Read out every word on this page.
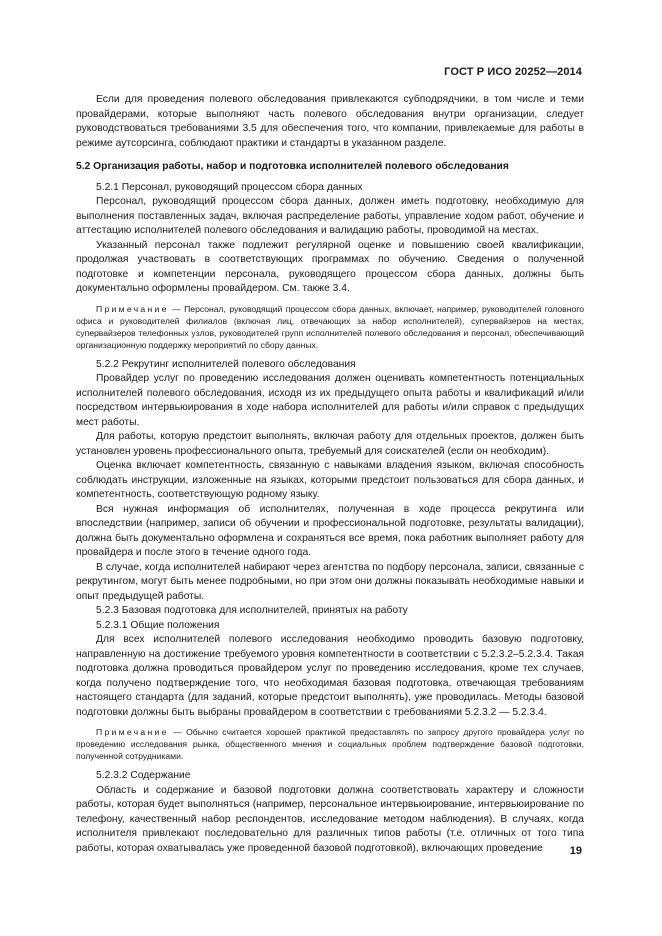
ГОСТ Р ИСО 20252—2014

Если для проведения полевого обследования привлекаются субподрядчики, в том числе и теми провайдерами, которые выполняют часть полевого обследования внутри организации, следует руководствоваться требованиями 3.5 для обеспечения того, что компании, привлекаемые для работы в режиме аутсорсинга, соблюдают практики и стандарты в указанном разделе.

5.2 Организация работы, набор и подготовка исполнителей полевого обследования

5.2.1 Персонал, руководящий процессом сбора данных

Персонал, руководящий процессом сбора данных, должен иметь подготовку, необходимую для выполнения поставленных задач, включая распределение работы, управление ходом работ, обучение и аттестацию исполнителей полевого обследования и валидацию работы, проводимой на местах.

Указанный персонал также подлежит регулярной оценке и повышению своей квалификации, продолжая участвовать в соответствующих программах по обучению. Сведения о полученной подготовке и компетенции персонала, руководящего процессом сбора данных, должны быть документально оформлены провайдером. См. также 3.4.

Примечание — Персонал, руководящий процессом сбора данных, включает, например, руководителей головного офиса и руководителей филиалов (включая лиц, отвечающих за набор исполнителей), супервайзеров на местах, супервайзеров телефонных узлов, руководителей групп исполнителей полевого обследования и персонал, обеспечивающий организационную поддержку мероприятий по сбору данных.

5.2.2 Рекрутинг исполнителей полевого обследования

Провайдер услуг по проведению исследования должен оценивать компетентность потенциальных исполнителей полевого обследования, исходя из их предыдущего опыта работы и квалификаций и/или посредством интервьюирования в ходе набора исполнителей для работы и/или справок с предыдущих мест работы.

Для работы, которую предстоит выполнять, включая работу для отдельных проектов, должен быть установлен уровень профессионального опыта, требуемый для соискателей (если он необходим).

Оценка включает компетентность, связанную с навыками владения языком, включая способность соблюдать инструкции, изложенные на языках, которыми предстоит пользоваться для сбора данных, и компетентность, соответствующую родному языку.

Вся нужная информация об исполнителях, полученная в ходе процесса рекрутинга или впоследствии (например, записи об обучении и профессиональной подготовке, результаты валидации), должна быть документально оформлена и сохраняться все время, пока работник выполняет работу для провайдера и после этого в течение одного года.

В случае, когда исполнителей набирают через агентства по подбору персонала, записи, связанные с рекрутингом, могут быть менее подробными, но при этом они должны показывать необходимые навыки и опыт предыдущей работы.

5.2.3 Базовая подготовка для исполнителей, принятых на работу

5.2.3.1 Общие положения

Для всех исполнителей полевого исследования необходимо проводить базовую подготовку, направленную на достижение требуемого уровня компетентности в соответствии с 5.2.3.2–5.2.3.4. Такая подготовка должна проводиться провайдером услуг по проведению исследования, кроме тех случаев, когда получено подтверждение того, что необходимая базовая подготовка, отвечающая требованиям настоящего стандарта (для заданий, которые предстоит выполнять), уже проводилась. Методы базовой подготовки должны быть выбраны провайдером в соответствии с требованиями 5.2.3.2 — 5.2.3.4.

Примечание — Обычно считается хорошей практикой предоставлять по запросу другого провайдера услуг по проведению исследования рынка, общественного мнения и социальных проблем подтверждение базовой подготовки, полученной сотрудниками.

5.2.3.2 Содержание

Область и содержание и базовой подготовки должна соответствовать характеру и сложности работы, которая будет выполняться (например, персональное интервьюирование, интервьюирование по телефону, качественный набор респондентов, исследование методом наблюдения). В случаях, когда исполнителя привлекают последовательно для различных типов работы (т.е. отличных от того типа работы, которая охватывалась уже проведенной базовой подготовкой), включающих проведение	19
